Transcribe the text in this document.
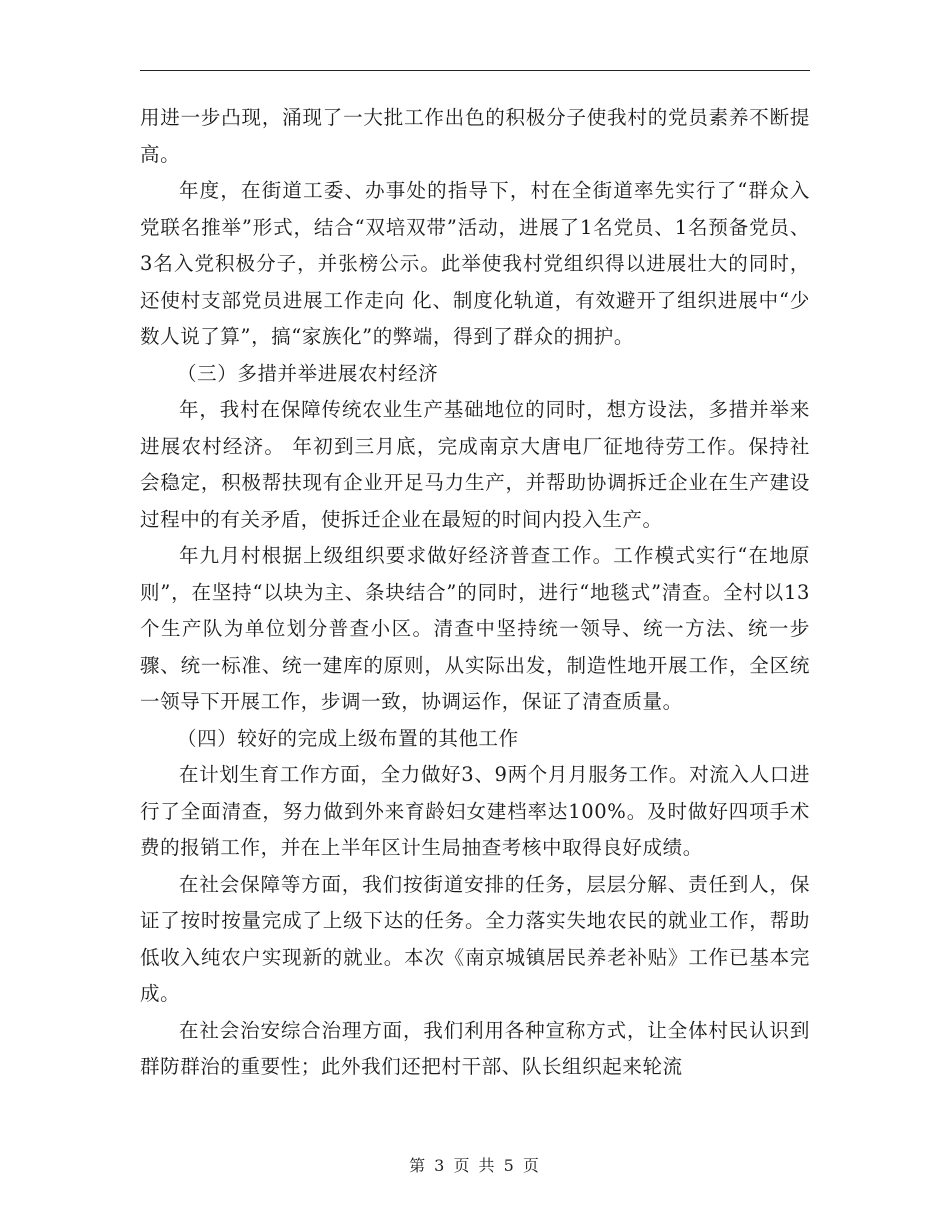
用进一步凸现，涌现了一大批工作出色的积极分子使我村的党员素养不断提高。

年度，在街道工委、办事处的指导下，村在全街道率先实行了“群众入党联名推举”形式，结合“双培双带”活动，进展了1名党员、1名预备党员、3名入党积极分子，并张榜公示。此举使我村党组织得以进展壮大的同时，还使村支部党员进展工作走向 化、制度化轨道，有效避开了组织进展中“少数人说了算”，搞“家族化”的弊端，得到了群众的拥护。

（三）多措并举进展农村经济

年，我村在保障传统农业生产基础地位的同时，想方设法，多措并举来进展农村经济。 年初到三月底，完成南京大唐电厂征地待劳工作。保持社会稳定，积极帮扶现有企业开足马力生产，并帮助协调拆迁企业在生产建设过程中的有关矛盾，使拆迁企业在最短的时间内投入生产。

年九月村根据上级组织要求做好经济普查工作。工作模式实行“在地原则”，在坚持“以块为主、条块结合”的同时，进行“地毯式”清查。全村以13个生产队为单位划分普查小区。清查中坚持统一领导、统一方法、统一步骤、统一标准、统一建库的原则，从实际出发，制造性地开展工作，全区统一领导下开展工作，步调一致，协调运作，保证了清查质量。

（四）较好的完成上级布置的其他工作

在计划生育工作方面，全力做好3、9两个月月服务工作。对流入人口进行了全面清查，努力做到外来育龄妇女建档率达100%。及时做好四项手术费的报销工作，并在上半年区计生局抽查考核中取得良好成绩。

在社会保障等方面，我们按街道安排的任务，层层分解、责任到人，保证了按时按量完成了上级下达的任务。全力落实失地农民的就业工作，帮助低收入纯农户实现新的就业。本次《南京城镇居民养老补贴》工作已基本完成。

在社会治安综合治理方面，我们利用各种宣称方式，让全体村民认识到群防群治的重要性；此外我们还把村干部、队长组织起来轮流

第 3 页 共 5 页
